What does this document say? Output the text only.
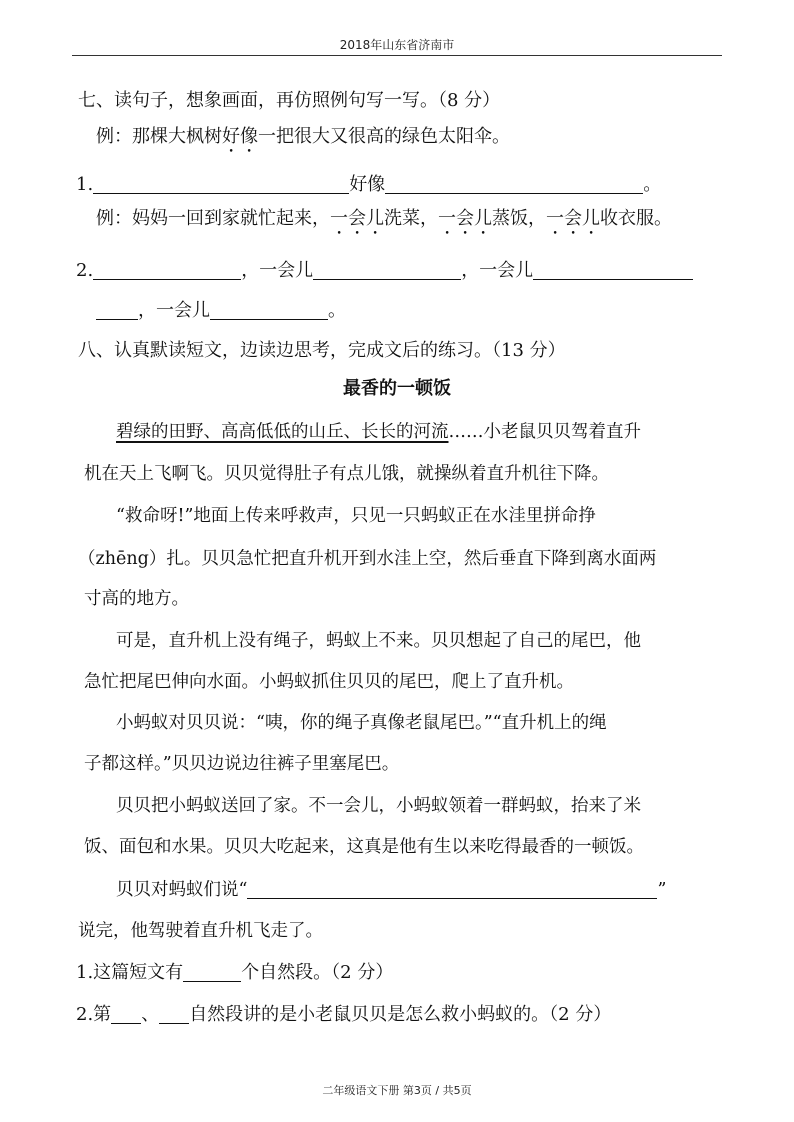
2018年山东省济南市
七、读句子，想象画面，再仿照例句写一写。（8 分）
例：那棵大枫树好像一把很大又很高的绿色太阳伞。
1.	好像	。
例：妈妈一回到家就忙起来，一会儿洗菜，一会儿蒸饭，一会儿收衣服。
2.	，一会儿	，一会儿
，一会儿	。
八、认真默读短文，边读边思考，完成文后的练习。（13 分）
最香的一顿饭
碧绿的田野、高高低低的山丘、长长的河流……小老鼠贝贝驾着直升
机在天上飞啊飞。贝贝觉得肚子有点儿饿，就操纵着直升机往下降。
“救命呀!”地面上传来呼救声，只见一只蚂蚁正在水洼里拼命挣
（zhēng）扎。贝贝急忙把直升机开到水洼上空，然后垂直下降到离水面两
寸高的地方。
可是，直升机上没有绳子，蚂蚁上不来。贝贝想起了自己的尾巴，他
急忙把尾巴伸向水面。小蚂蚁抓住贝贝的尾巴，爬上了直升机。
小蚂蚁对贝贝说：“咦，你的绳子真像老鼠尾巴。”“直升机上的绳
子都这样。”贝贝边说边往裤子里塞尾巴。
贝贝把小蚂蚁送回了家。不一会儿，小蚂蚁领着一群蚂蚁，抬来了米
饭、面包和水果。贝贝大吃起来，这真是他有生以来吃得最香的一顿饭。
贝贝对蚂蚁们说“	”
说完，他驾驶着直升机飞走了。
1.这篇短文有	个自然段。（2 分）
2.第 、 自然段讲的是小老鼠贝贝是怎么救小蚂蚁的。（2 分）
二年级语文下册 第3页 / 共5页
